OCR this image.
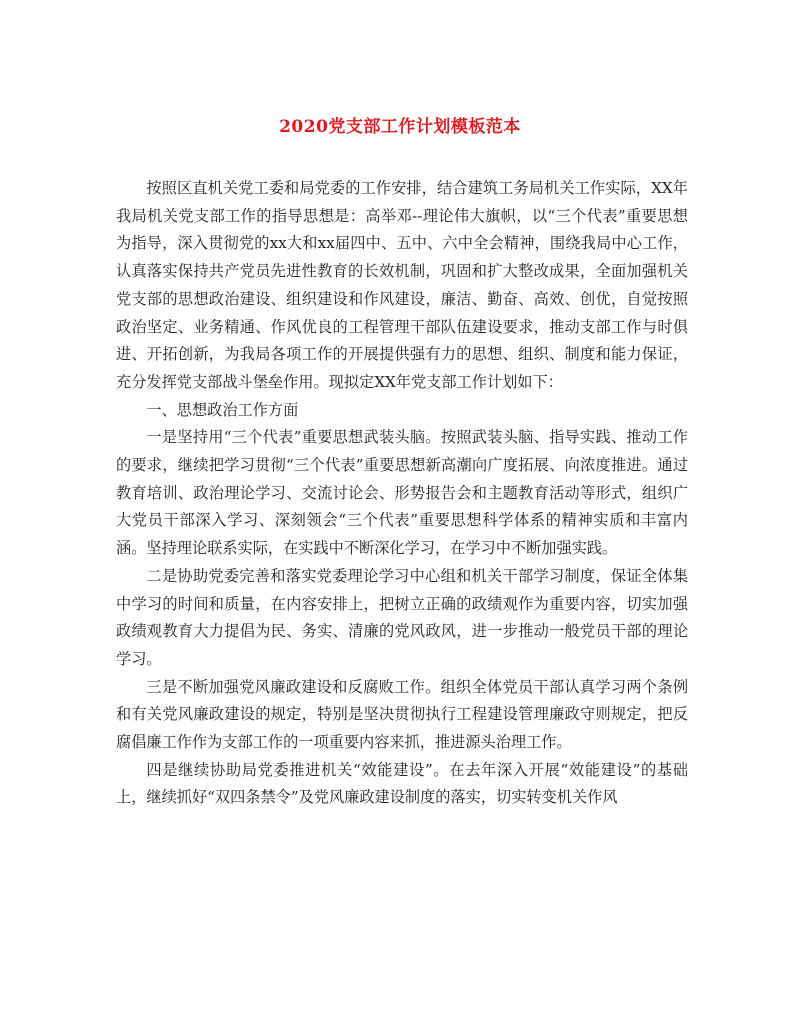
2020党支部工作计划模板范本

按照区直机关党工委和局党委的工作安排，结合建筑工务局机关工作实际，XX年我局机关党支部工作的指导思想是：高举邓--理论伟大旗帜，以“三个代表”重要思想为指导，深入贯彻党的xx大和xx届四中、五中、六中全会精神，围绕我局中心工作，认真落实保持共产党员先进性教育的长效机制，巩固和扩大整改成果，全面加强机关党支部的思想政治建设、组织建设和作风建设，廉洁、勤奋、高效、创优，自觉按照政治坚定、业务精通、作风优良的工程管理干部队伍建设要求，推动支部工作与时俱进、开拓创新，为我局各项工作的开展提供强有力的思想、组织、制度和能力保证，充分发挥党支部战斗堡垒作用。现拟定XX年党支部工作计划如下：

一、思想政治工作方面

一是坚持用“三个代表”重要思想武装头脑。按照武装头脑、指导实践、推动工作的要求，继续把学习贯彻“三个代表”重要思想新高潮向广度拓展、向浓度推进。通过教育培训、政治理论学习、交流讨论会、形势报告会和主题教育活动等形式，组织广大党员干部深入学习、深刻领会“三个代表”重要思想科学体系的精神实质和丰富内涵。坚持理论联系实际，在实践中不断深化学习，在学习中不断加强实践。

二是协助党委完善和落实党委理论学习中心组和机关干部学习制度，保证全体集中学习的时间和质量，在内容安排上，把树立正确的政绩观作为重要内容，切实加强政绩观教育大力提倡为民、务实、清廉的党风政风，进一步推动一般党员干部的理论学习。

三是不断加强党风廉政建设和反腐败工作。组织全体党员干部认真学习两个条例和有关党风廉政建设的规定，特别是坚决贯彻执行工程建设管理廉政守则规定，把反腐倡廉工作作为支部工作的一项重要内容来抓，推进源头治理工作。

四是继续协助局党委推进机关“效能建设”。在去年深入开展“效能建设”的基础上，继续抓好“双四条禁令”及党风廉政建设制度的落实，切实转变机关作风
